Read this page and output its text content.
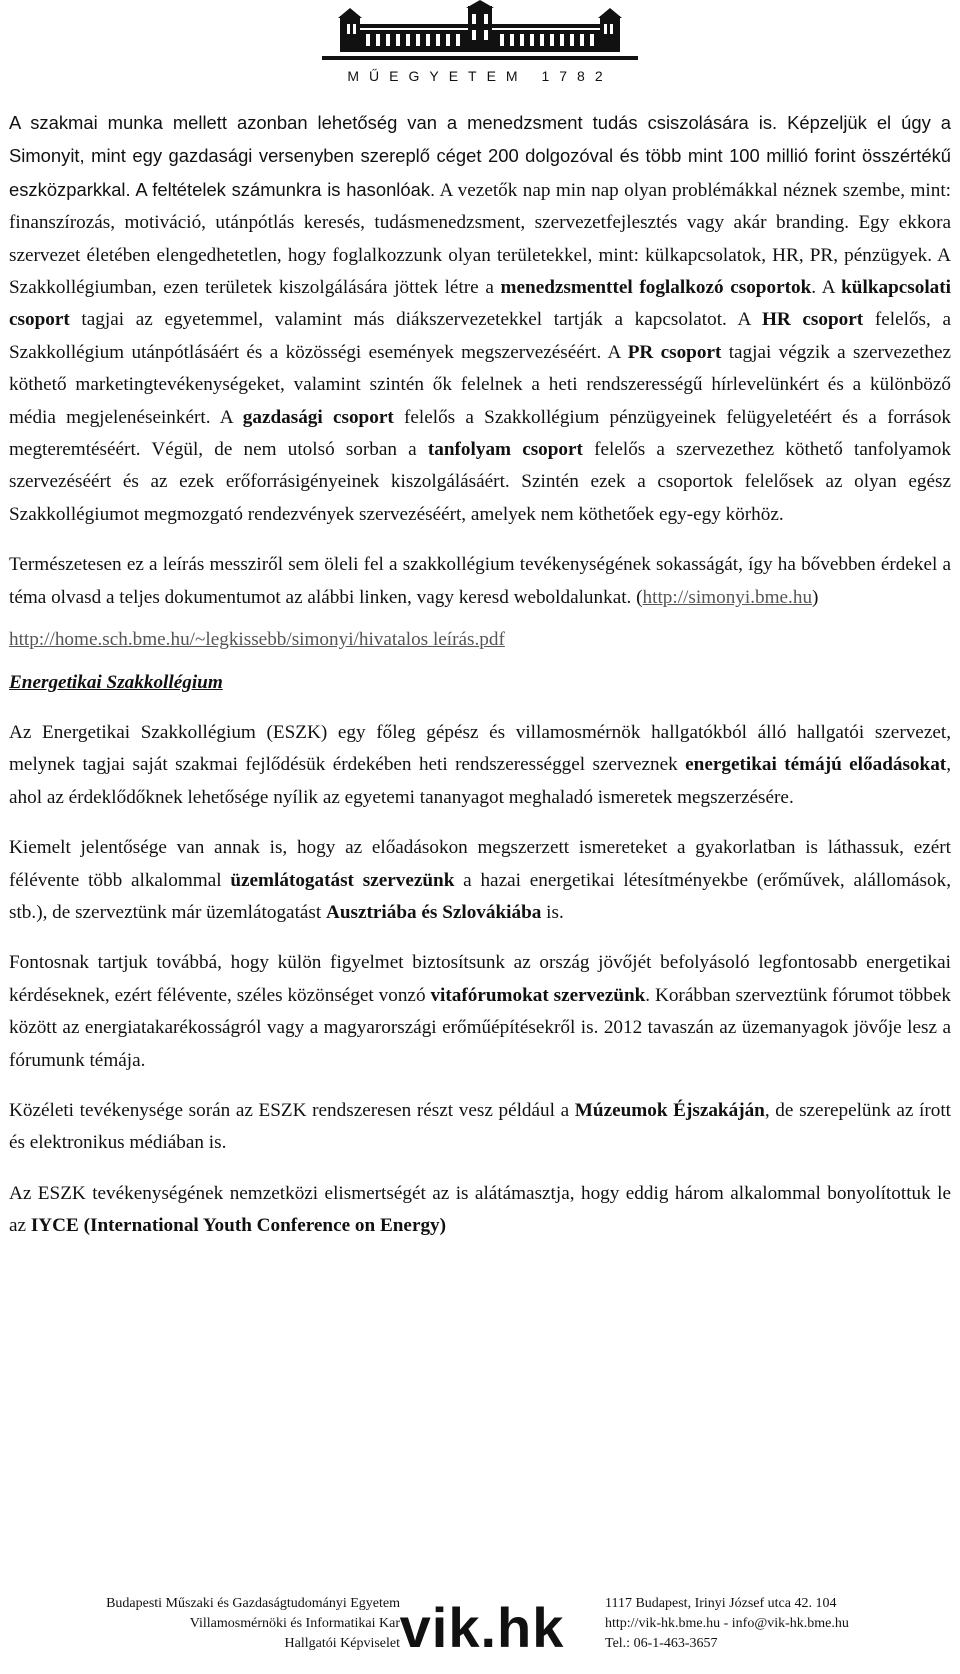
MŰEGYETEM 1782

A szakmai munka mellett azonban lehetőség van a menedzsment tudás csiszolására is. Képzeljük el úgy a Simonyit, mint egy gazdasági versenyben szereplő céget 200 dolgozóval és több mint 100 millió forint összértékű eszközparkkal. A feltételek számunkra is hasonlóak. A vezetők nap min nap olyan problémákkal néznek szembe, mint: finanszírozás, motiváció, utánpótlás keresés, tudásmenedzsment, szervezetfejlesztés vagy akár branding. Egy ekkora szervezet életében elengedhetetlen, hogy foglalkozzunk olyan területekkel, mint: külkapcsolatok, HR, PR, pénzügyek. A Szakkollégiumban, ezen területek kiszolgálására jöttek létre a menedzsmenttel foglalkozó csoportok. A külkapcsolati csoport tagjai az egyetemmel, valamint más diákszervezetekkel tartják a kapcsolatot. A HR csoport felelős, a Szakkollégium utánpótlásáért és a közösségi események megszervezéséért. A PR csoport tagjai végzik a szervezethez köthető marketingtevékenységeket, valamint szintén ők felelnek a heti rendszerességű hírlevelünkért és a különböző média megjelenéseinkért. A gazdasági csoport felelős a Szakkollégium pénzügyeinek felügyeletéért és a források megteremtéséért. Végül, de nem utolsó sorban a tanfolyam csoport felelős a szervezethez köthető tanfolyamok szervezéséért és az ezek erőforrásigényeinek kiszolgálásáért. Szintén ezek a csoportok felelősek az olyan egész Szakkollégiumot megmozgató rendezvények szervezéséért, amelyek nem köthetőek egy-egy körhöz.

Természetesen ez a leírás messziről sem öleli fel a szakkollégium tevékenységének sokasságát, így ha bővebben érdekel a téma olvasd a teljes dokumentumot az alábbi linken, vagy keresd weboldalunkat. (http://simonyi.bme.hu)

http://home.sch.bme.hu/~legkissebb/simonyi/hivatalos leírás.pdf

Energetikai Szakkollégium

Az Energetikai Szakkollégium (ESZK) egy főleg gépész és villamosmérnök hallgatókból álló hallgatói szervezet, melynek tagjai saját szakmai fejlődésük érdekében heti rendszerességgel szerveznek energetikai témájú előadásokat, ahol az érdeklődőknek lehetősége nyílik az egyetemi tananyagot meghaladó ismeretek megszerzésére.

Kiemelt jelentősége van annak is, hogy az előadásokon megszerzett ismereteket a gyakorlatban is láthassuk, ezért félévente több alkalommal üzemlátogatást szervezünk a hazai energetikai létesítményekbe (erőművek, alállomások, stb.), de szerveztünk már üzemlátogatást Ausztriába és Szlovákiába is.

Fontosnak tartjuk továbbá, hogy külön figyelmet biztosítsunk az ország jövőjét befolyásoló legfontosabb energetikai kérdéseknek, ezért félévente, széles közönséget vonzó vitafórumokat szervezünk. Korábban szerveztünk fórumot többek között az energiatakarékosságról vagy a magyarországi erőműépítésekről is. 2012 tavaszán az üzemanyagok jövője lesz a fórumunk témája.

Közéleti tevékenysége során az ESZK rendszeresen részt vesz például a Múzeumok Éjszakáján, de szerepelünk az írott és elektronikus médiában is.

Az ESZK tevékenységének nemzetközi elismertségét az is alátámasztja, hogy eddig három alkalommal bonyolítottuk le az IYCE (International Youth Conference on Energy)

Budapesti Műszaki és Gazdaságtudományi Egyetem
Villamosmérnöki és Informatikai Kar
Hallgatói Képviselet vik.hk	1117 Budapest, Irinyi József utca 42. 104
http://vik-hk.bme.hu - info@vik-hk.bme.hu
Tel.: 06-1-463-3657
